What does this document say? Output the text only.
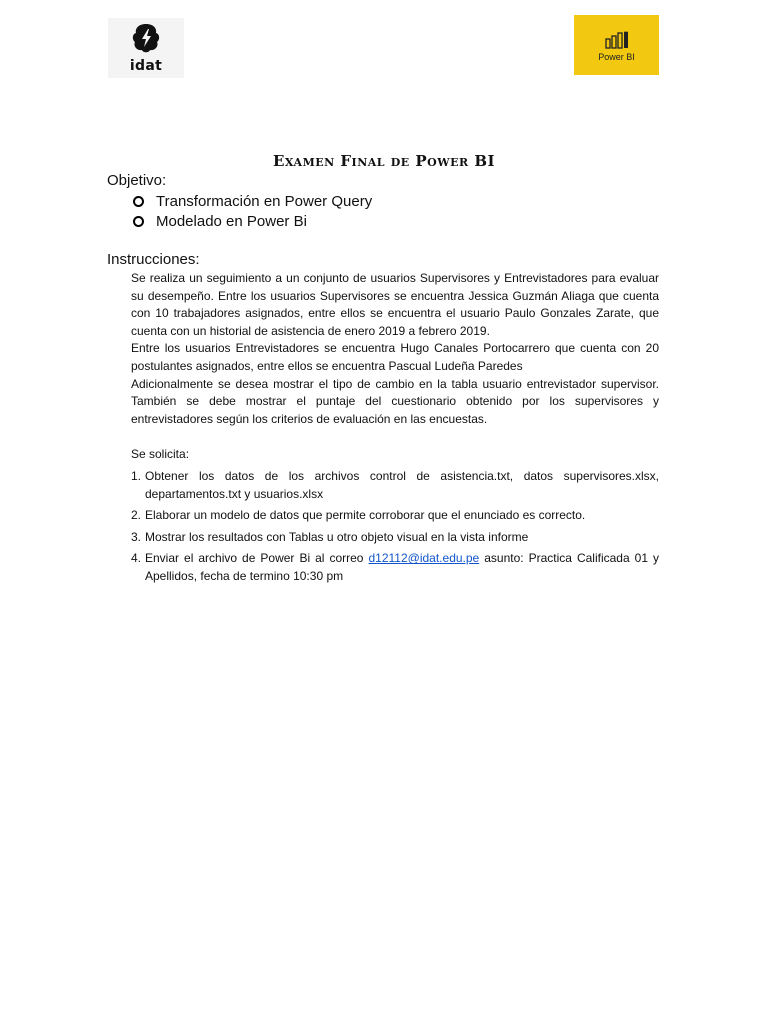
idat
Power BI
Examen Final de Power BI
Objetivo:
Transformación en Power Query
Modelado en Power Bi
Instrucciones:

Se realiza un seguimiento a un conjunto de usuarios Supervisores y Entrevistadores para evaluar su desempeño. Entre los usuarios Supervisores se encuentra Jessica Guzmán Aliaga que cuenta con 10 trabajadores asignados, entre ellos se encuentra el usuario Paulo Gonzales Zarate, que cuenta con un historial de asistencia de enero 2019 a febrero 2019.

Entre los usuarios Entrevistadores se encuentra Hugo Canales Portocarrero que cuenta con 20 postulantes asignados, entre ellos se encuentra Pascual Ludeña Paredes

Adicionalmente se desea mostrar el tipo de cambio en la tabla usuario entrevistador supervisor. También se debe mostrar el puntaje del cuestionario obtenido por los supervisores y entrevistadores según los criterios de evaluación en las encuestas.

Se solicita:
1. Obtener los datos de los archivos control de asistencia.txt, datos supervisores.xlsx, departamentos.txt y usuarios.xlsx
2. Elaborar un modelo de datos que permite corroborar que el enunciado es correcto.
3. Mostrar los resultados con Tablas u otro objeto visual en la vista informe
4. Enviar el archivo de Power Bi al correo d12112@idat.edu.pe asunto: Practica Calificada 01 y Apellidos, fecha de termino 10:30 pm
